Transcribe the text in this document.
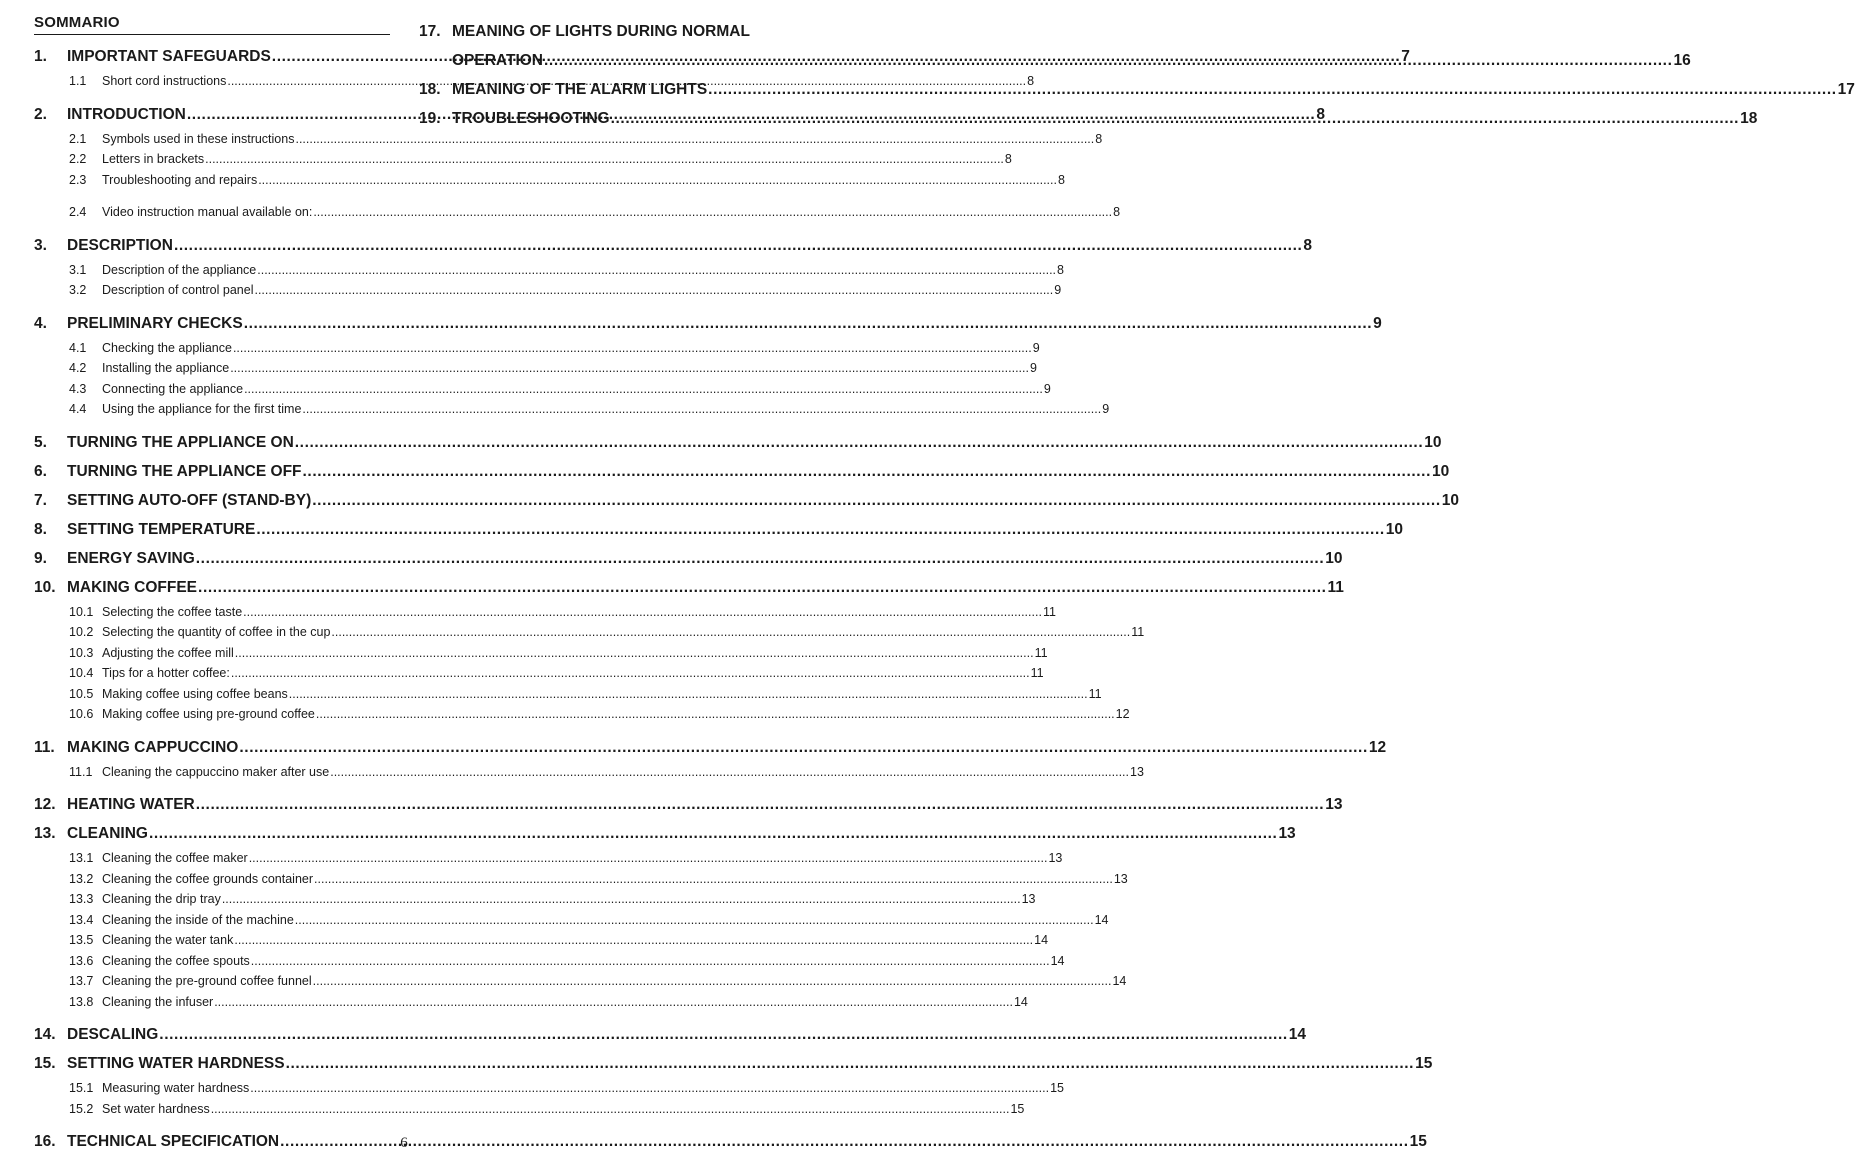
SOMMARIO
1.	IMPORTANT SAFEGUARDS .....	7
1.1	Short cord instructions .....	8
2.	INTRODUCTION .....	8
2.1	Symbols used in these instructions .....	8
2.2	Letters in brackets .....	8
2.3	Troubleshooting and repairs .....	8
2.4	Video instruction manual available on: .....	8
3.	DESCRIPTION .....	8
3.1	Description of the appliance .....	8
3.2	Description of control panel .....	9
4.	PRELIMINARY CHECKS .....	9
4.1	Checking the appliance .....	9
4.2	Installing the appliance .....	9
4.3	Connecting the appliance .....	9
4.4	Using the appliance for the first time .....	9
5.	TURNING THE APPLIANCE ON .....	10
6.	TURNING THE APPLIANCE OFF .....	10
7.	SETTING AUTO-OFF (STAND-BY) .....	10
8.	SETTING TEMPERATURE .....	10
9.	ENERGY SAVING .....	10
10. MAKING COFFEE .....	11
10.1 Selecting the coffee taste .....	11
10.2 Selecting the quantity of coffee in the cup .....	11
10.3 Adjusting the coffee mill .....	11
10.4 Tips for a hotter coffee: .....	11
10.5 Making coffee using coffee beans .....	11
10.6 Making coffee using pre-ground coffee .....	12
11. MAKING CAPPUCCINO .....	12
11.1 Cleaning the cappuccino maker after use .....	13
12. HEATING WATER .....	13
13. CLEANING .....	13
13.1 Cleaning the coffee maker .....	13
13.2 Cleaning the coffee grounds container .....	13
13.3 Cleaning the drip tray .....	13
13.4 Cleaning the inside of the machine .....	14
13.5 Cleaning the water tank .....	14
13.6 Cleaning the coffee spouts .....	14
13.7 Cleaning the pre-ground coffee funnel .....	14
13.8 Cleaning the infuser .....	14
14. DESCALING .....	14
15. SETTING WATER HARDNESS .....	15
15.1 Measuring water hardness .....	15
15.2 Set water hardness .....	15
16. TECHNICAL SPECIFICATION .....	15
17. MEANING OF LIGHTS DURING NORMAL
OPERATION .....	16
18. MEANING OF THE ALARM LIGHTS .....	17
19. TROUBLESHOOTING .....	18
6
